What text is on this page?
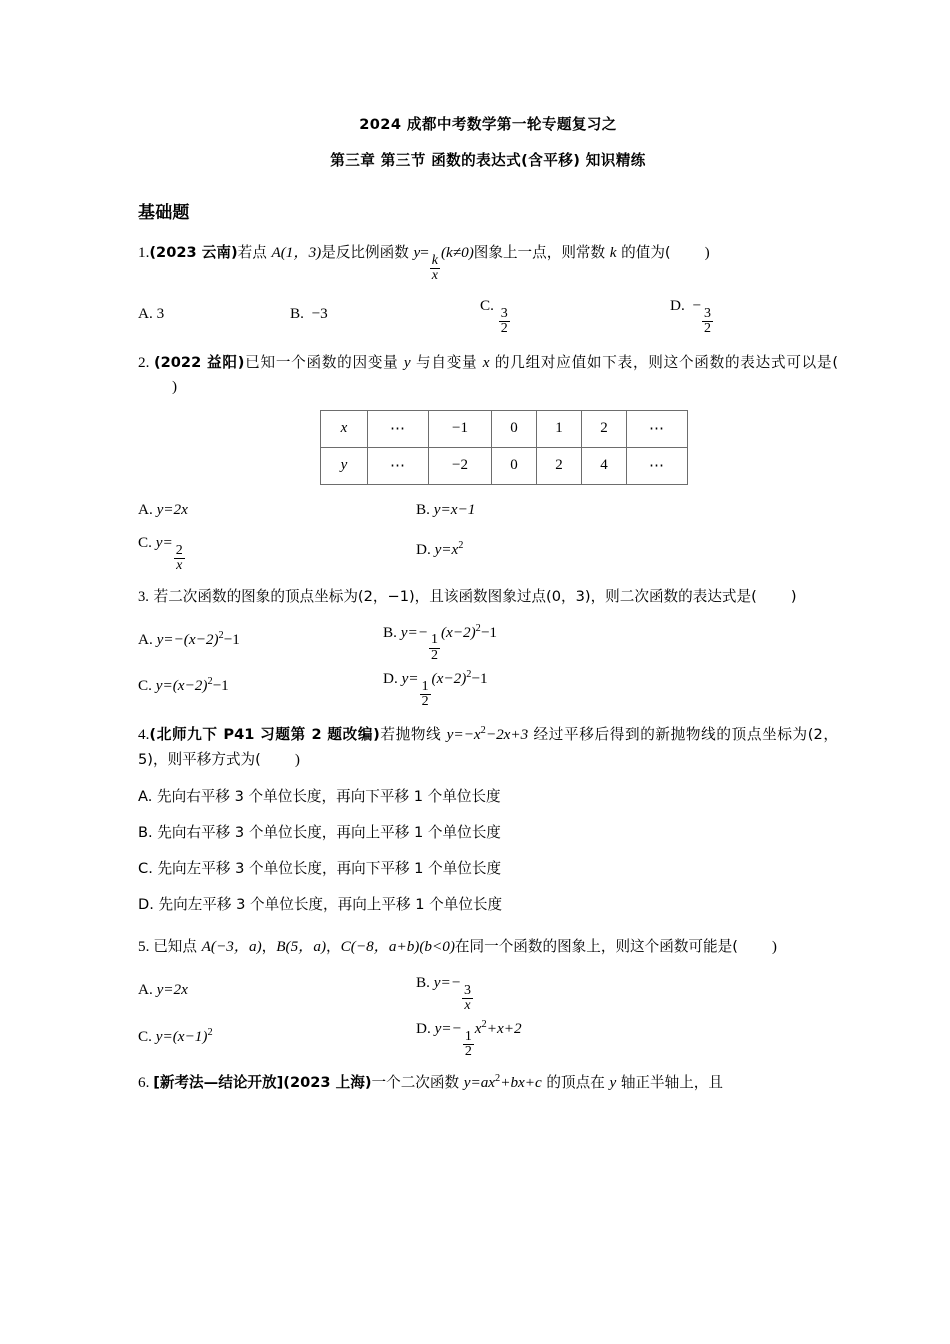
2024 成都中考数学第一轮专题复习之
第三章 第三节 函数的表达式(含平移) 知识精练
基础题
1.(2023 云南)若点 A(1，3)是反比例函数 y=
$\frac{k}{x}$
(k≠0)图象上一点，则常数 k 的值为( )
A. 3	B. −3	C.
$\frac{3}{2}$
D. −
$\frac{3}{2}$
2. (2022 益阳)已知一个函数的因变量 y 与自变量 x 的几组对应值如下表，则这个函数的表达式可以是()
x	⋯	−1	0	1	2	⋯
y	⋯	−2	0	2	4	⋯
A. y=2x	B. y=x−1
C. y=
$\frac{2}{x}$	D. $y=x^2$
3. 若二次函数的图象的顶点坐标为(2，−1)，且该函数图象过点(0，3)，则二次函数的表达式是( )
A. $y=-(x-2)^2-1$	B. y=−
$\frac{1}{2}$
$(x-2)^2-1$
C. $y=(x-2)^2-1$	D. y=
$\frac{1}{2}$
$(x-2)^2-1$
4.(北师九下 P41 习题第 2 题改编)若抛物线 $y=-x^2-2x+3$ 经过平移后得到的新抛物线的顶点坐标为(2，5)，则平移方式为( )
A. 先向右平移 3 个单位长度，再向下平移 1 个单位长度
B. 先向右平移 3 个单位长度，再向上平移 1 个单位长度
C. 先向左平移 3 个单位长度，再向下平移 1 个单位长度
D. 先向左平移 3 个单位长度，再向上平移 1 个单位长度
5. 已知点 A(−3，a)，B(5，a)，C(−8，a+b)(b<0)在同一个函数的图象上，则这个函数可能是( )
A. y=2x	B. y=−
$\frac{3}{x}$
C. $y=(x-1)^2$	D. y=−
$\frac{1}{2}$
$x^2+x+2$
6. [新考法—结论开放](2023 上海)一个二次函数 $y=ax^2+bx+c$ 的顶点在 y 轴正半轴上，且
